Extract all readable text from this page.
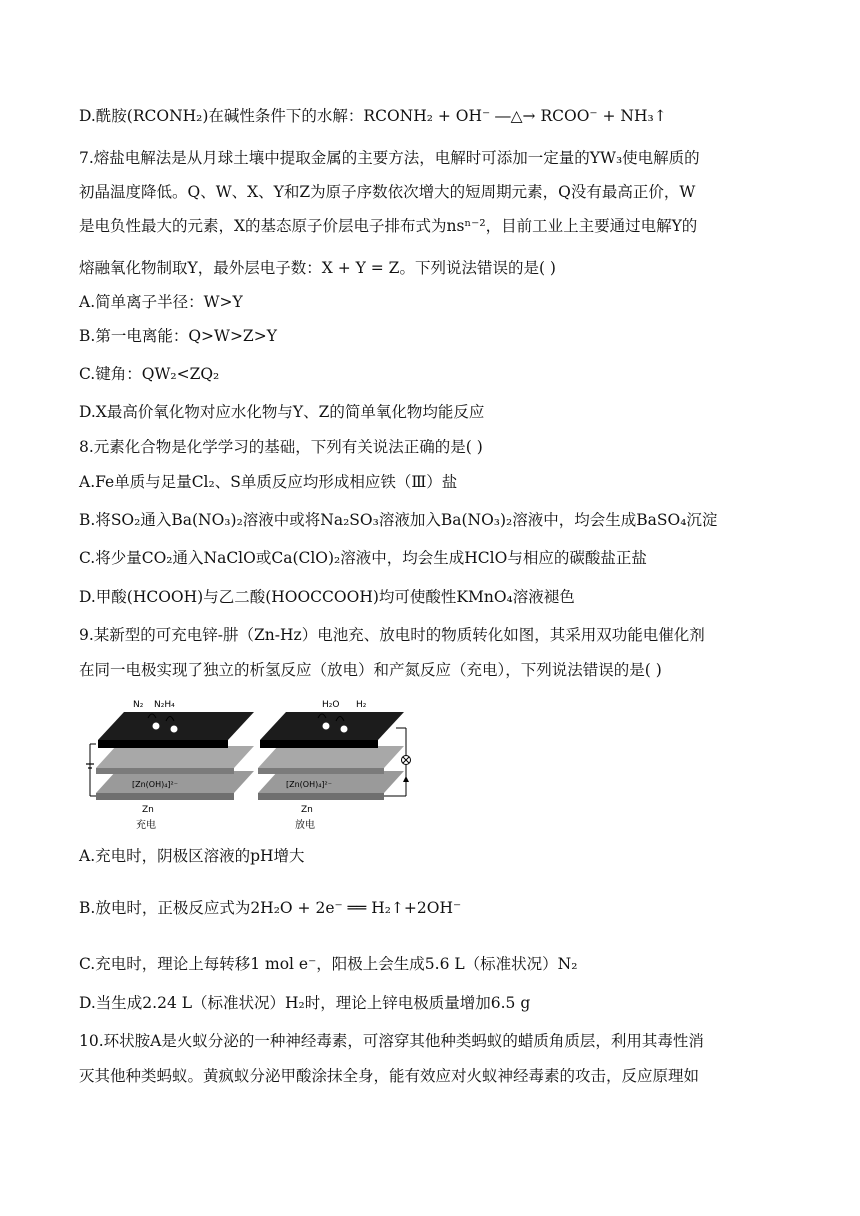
D.酰胺(RCONH₂)在碱性条件下的水解：RCONH₂ + OH⁻ ―△→ RCOO⁻ + NH₃↑
7.熔盐电解法是从月球土壤中提取金属的主要方法，电解时可添加一定量的YW₃使电解质的
初晶温度降低。Q、W、X、Y和Z为原子序数依次增大的短周期元素，Q没有最高正价，W
是电负性最大的元素，X的基态原子价层电子排布式为nsⁿ⁻²，目前工业上主要通过电解Y的
熔融氧化物制取Y，最外层电子数：X + Y = Z。下列说法错误的是( )
A.简单离子半径：W>Y
B.第一电离能：Q>W>Z>Y
C.键角：QW₂<ZQ₂
D.X最高价氧化物对应水化物与Y、Z的简单氧化物均能反应
8.元素化合物是化学学习的基础，下列有关说法正确的是( )
A.Fe单质与足量Cl₂、S单质反应均形成相应铁（Ⅲ）盐
B.将SO₂通入Ba(NO₃)₂溶液中或将Na₂SO₃溶液加入Ba(NO₃)₂溶液中，均会生成BaSO₄沉淀
C.将少量CO₂通入NaClO或Ca(ClO)₂溶液中，均会生成HClO与相应的碳酸盐正盐
D.甲酸(HCOOH)与乙二酸(HOOCCOOH)均可使酸性KMnO₄溶液褪色
9.某新型的可充电锌-肼（Zn-Hz）电池充、放电时的物质转化如图，其采用双功能电催化剂
在同一电极实现了独立的析氢反应（放电）和产氮反应（充电），下列说法错误的是( )
N₂ N₂H₄
[Zn(OH)₄]²⁻
Zn
充电
H₂O H₂
[Zn(OH)₄]²⁻
Zn
放电
A.充电时，阴极区溶液的pH增大
B.放电时，正极反应式为2H₂O + 2e⁻ ══ H₂↑+2OH⁻
C.充电时，理论上每转移1 mol e⁻，阳极上会生成5.6 L（标准状况）N₂
D.当生成2.24 L（标准状况）H₂时，理论上锌电极质量增加6.5 g
10.环状胺A是火蚁分泌的一种神经毒素，可溶穿其他种类蚂蚁的蜡质角质层，利用其毒性消
灭其他种类蚂蚁。黄疯蚁分泌甲酸涂抹全身，能有效应对火蚁神经毒素的攻击，反应原理如
